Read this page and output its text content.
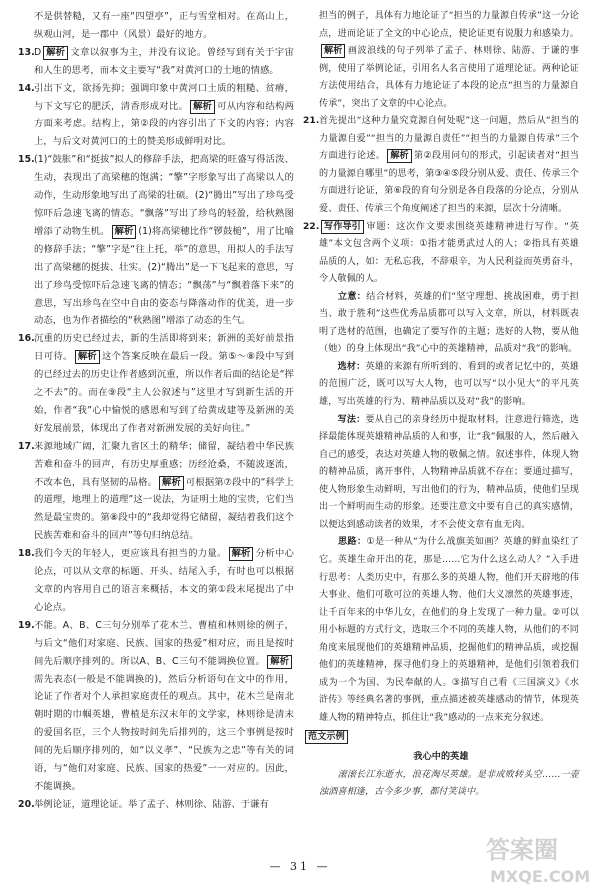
不是供替糙，又有一座“四望亭”，正与雪堂相对。在高山上，纵观山河，是一郡中（风景）最好的地方。
13. D 解析 文章以叙事为主，并没有议论。曾经写到有关于宇宙和人生的思考，而本文主要写“我”对黄河口的土地的情感。
14. 引出下文，欲扬先抑；强调印象中黄河口土质的粗糙、贫瘠，与下文写它的肥沃，清香形成对比。 解析 可从内容和结构两方面来考虑。结构上，第②段的内容引出了下文的内容；内容上，与后文对黄河口的土的赞美形成鲜明对比。
15. (1)“鼓胀”和“挺拔”拟人的修辞手法，把高梁的旺盛写得活泼、生动，表现出了高梁穗的饱满；“擎”字形象写出了高梁以人的动作，生动形象地写出了高梁的壮硕。(2)“腾出”写出了珍鸟受惊吓后急速飞离的情态。“飘落”写出了珍鸟的轻盈，给秋熟图增添了动物生机。 解析 (1)将高梁穗比作“锣鼓槌”，用了比喻的修辞手法；“擎”字是“往上托，举”的意思，用拟人的手法写出了高梁穗的挺拔、壮实。(2)“腾出”是一下飞起来的意思，写出了珍鸟受惊吓后急速飞离的情态；“飘荡”与“飘着落下来”的意思，写出珍鸟在空中自由的姿态与降落动作的优美，进一步动态，也为作者描绘的“秋熟图”增添了动态的生气。
16. 沉重的历史已经过去，新的生活即将到来；新洲的美好前景指日可待。 解析 这个答案反映在最后一段。第⑤～⑧段中写到的已经过去的历史让作者感到沉重，所以作者后面的结论是“挥之不去”的。而在⑨段“主人公叙述与”这里才写到新生活的开始，作者“我”心中愉悦的感恩和写到了给黄成建等及新洲的美好发展前景，体现出了作者对新洲发展的美好向往。”
17. 来源地域广阔，汇聚九省区土的精华；储留，凝结着中华民族苦难和奋斗的回声，有历史厚重感；历经沧桑，不随波逐流，不改本色，具有坚韧的品格。 解析 可根据第⑦段中的“科学上的道理，地理上的道理”这一说法，为证明土地的宝贵，它们当然是最宝贵的。第⑧段中的“我却觉得它储留，凝结着我们这个民族苦难和奋斗的回声”等句归纳总结。
18. 我们今天的年轻人，更应该具有担当的力量。 解析 分析中心论点，可以从文章的标题、开头、结尾入手，有时也可以根据文章的内容用自己的语言来概括，本文的第①段末尾提出了中心论点。
19. 不能。A、B、C三句分别举了花木兰、曹植和林则徐的例子，与后文“他们对家庭、民族、国家的热爱”相对应，而且是按时间先后顺序排列的。所以A、B、C三句不能调换位置。 解析需先表态(一般是不能调换的)，然后分析语句在文中的作用，论证了作者对个人承担家庭责任的观点。其中，花木兰是南北朝时期的巾帼英雄，曹植是东汉末年的文学家，林则徐是清末的爱国名臣，三个人物按时间先后排列的，这三个事例是按时间的先后顺序排列的，如“以义孝”、“民族为之忠”等有关的词语，与“他们对家庭、民族、国家的热爱”一一对应的。因此，不能调换。
20. 举例论证，道理论证。举了孟子、林则徐、陆游、于谦有
担当的例子，具体有力地论证了“担当的力量源自传承”这一分论点，进而论证了全文的中心论点，使论证更有说服力和感染力。解析 画波浪线的句子列举了孟子、林则徐、陆游、于谦的事例，使用了举例论证，引用名人名言使用了道理论证。两种论证方法使用结合，具体有力地论证了本段的论点“担当的力量源自传承”，突出了文章的中心论点。
21. 首先提出“这种力量究竟源自何处呢”这一问题，然后从“担当的力量源自爱”“担当的力量源自责任”“担当的力量源自传承”三个方面进行论述。 解析 第②段用问句的形式，引起读者对“担当的力量源自哪里”的思考，第③④⑤段分别从爱、责任、传承三个方面进行论证，第⑥段的育句分别是各自段落的分论点，分别从爱、责任、传承三个角度阐述了担当的来源，层次十分清晰。
22. 写作导引 审题：这次作文要求围绕英雄精神进行写作。“英雄”本文包含两个义项：①指才能勇武过人的人；②指具有英雄品质的人，如：无私忘我，不辞艰辛，为人民利益而英勇奋斗，令人敬佩的人。
　　立意：结合材料，英雄的们“坚守理想、挑战困难，勇于担当、敢于胜利”这些优秀品质都可以写入文章，所以，材料既表明了选材的范围，也确定了要写作的主题；选好的人物，要从他（她）的身上体现出“我”心中的英雄精神，品质对“我”的影响。
　　选材：英雄的来源有所听到的、看到的或者记忆中的，英雄的范围广泛，既可以写大人物，也可以写“以小见大”的平凡英雄，写出英雄的行为、精神品质以及对“我”的影响。
　　写法：要从自己的亲身经历中提取材料，注意进行筛选，选择最能体现英雄精神品质的人和事，让“我”佩服的人，然后融入自己的感受，表达对英雄人物的敬佩之情。叙述事件，体现人物的精神品质，离开事件，人物精神品质就不存在；要通过描写，使人物形象生动鲜明，写出他们的行为，精神品质，使他们呈现出一个鲜明而生动的形象。还要注意文中要有自己的真实感情，以便达到感动读者的效果，才不会使文章有血无肉。
　　思路：①是一种从“为什么战旗美如画？英雄的鲜血染红了它。英雄生命开出的花，那是……它为什么这么动人？”入手进行思考：人类历史中，有那么多的英雄人物，他们开天辟地的伟大事业、他们可歌可泣的英雄人物、他们大义凛然的英雄事迹，让千百年来的中华儿女，在他们的身上发现了一种力量。②可以用小标题的方式行文，选取三个不同的英雄人物，从他们的不同角度来展现他们的英雄精神品质，挖掘他们的精神品质，或挖掘他们的英雄精神，探寻他们身上的英雄精神，是他们引领着我们成为一个为国、为民奉献的人。③描写自己看《三国演义》《水浒传》等经典名著的事例，重点描述被英雄感动的情节，体现英雄人物的精神特点，抓住让“我”感动的一点来充分叙述。
范文示例
我心中的英雄
　　滚滚长江东逝水，浪花淘尽英雄。是非成败转头空……一壶浊酒喜相逢，古今多少事，都付笑谈中。
— 31 —
答案圈
MXQE.COM
